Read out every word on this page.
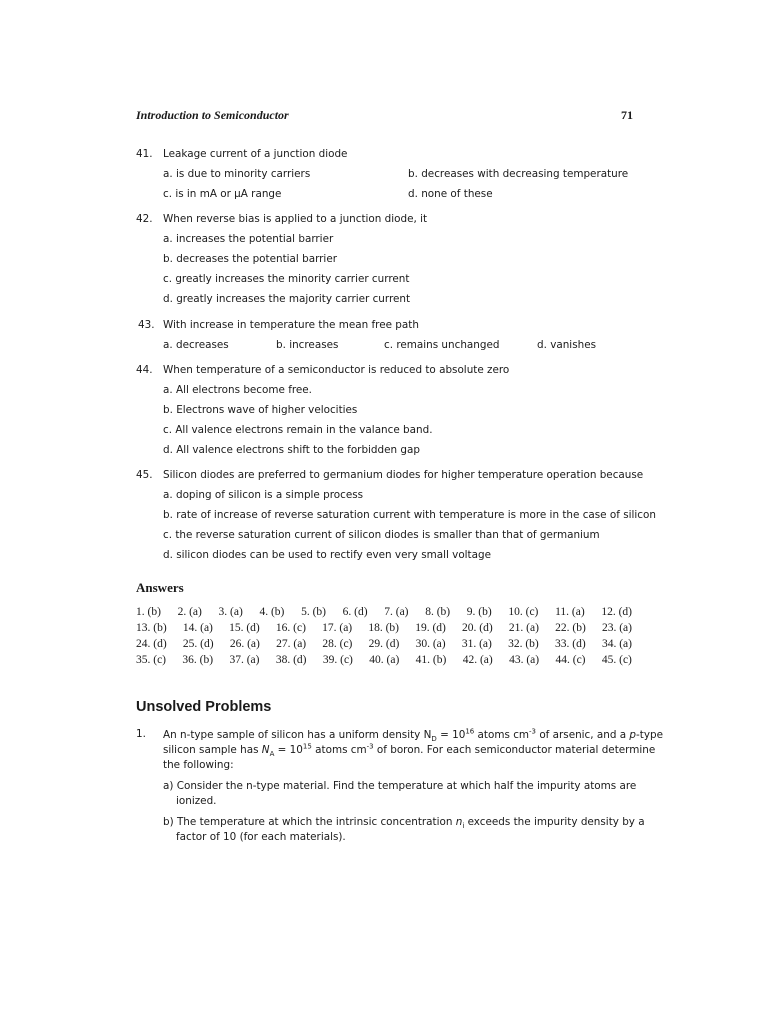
Introduction to Semiconductor	71
41. Leakage current of a junction diode
a. is due to minority carriers	b. decreases with decreasing temperature
c. is in mA or µA range	d. none of these
42. When reverse bias is applied to a junction diode, it
a. increases the potential barrier
b. decreases the potential barrier
c. greatly increases the minority carrier current
d. greatly increases the majority carrier current
43. With increase in temperature the mean free path
a. decreases	b. increases	c. remains unchanged	d. vanishes
44. When temperature of a semiconductor is reduced to absolute zero
a. All electrons become free.
b. Electrons wave of higher velocities
c. All valence electrons remain in the valance band.
d. All valence electrons shift to the forbidden gap
45. Silicon diodes are preferred to germanium diodes for higher temperature operation because
a. doping of silicon is a simple process
b. rate of increase of reverse saturation current with temperature is more in the case of silicon
c. the reverse saturation current of silicon diodes is smaller than that of germanium
d. silicon diodes can be used to rectify even very small voltage
Answers
1. (b) 2. (a) 3. (a) 4. (b) 5. (b) 6. (d) 7. (a) 8. (b) 9. (b) 10. (c) 11. (a) 12. (d)
13. (b) 14. (a) 15. (d) 16. (c) 17. (a) 18. (b) 19. (d) 20. (d) 21. (a) 22. (b) 23. (a)
24. (d) 25. (d) 26. (a) 27. (a) 28. (c) 29. (d) 30. (a) 31. (a) 32. (b) 33. (d) 34. (a)
35. (c) 36. (b) 37. (a) 38. (d) 39. (c) 40. (a) 41. (b) 42. (a) 43. (a) 44. (c) 45. (c)
Unsolved Problems
1. An n-type sample of silicon has a uniform density $N_D = 10^{16}$ atoms $cm^{-3}$ of arsenic, and a p-type
silicon sample has $N_A = 10^{15}$ atoms $cm^{-3}$ of boron. For each semiconductor material determine
the following:
a) Consider the n-type material. Find the temperature at which half the impurity atoms are
ionized.
b) The temperature at which the intrinsic concentration $n_i$ exceeds the impurity density by a
factor of 10 (for each materials).
